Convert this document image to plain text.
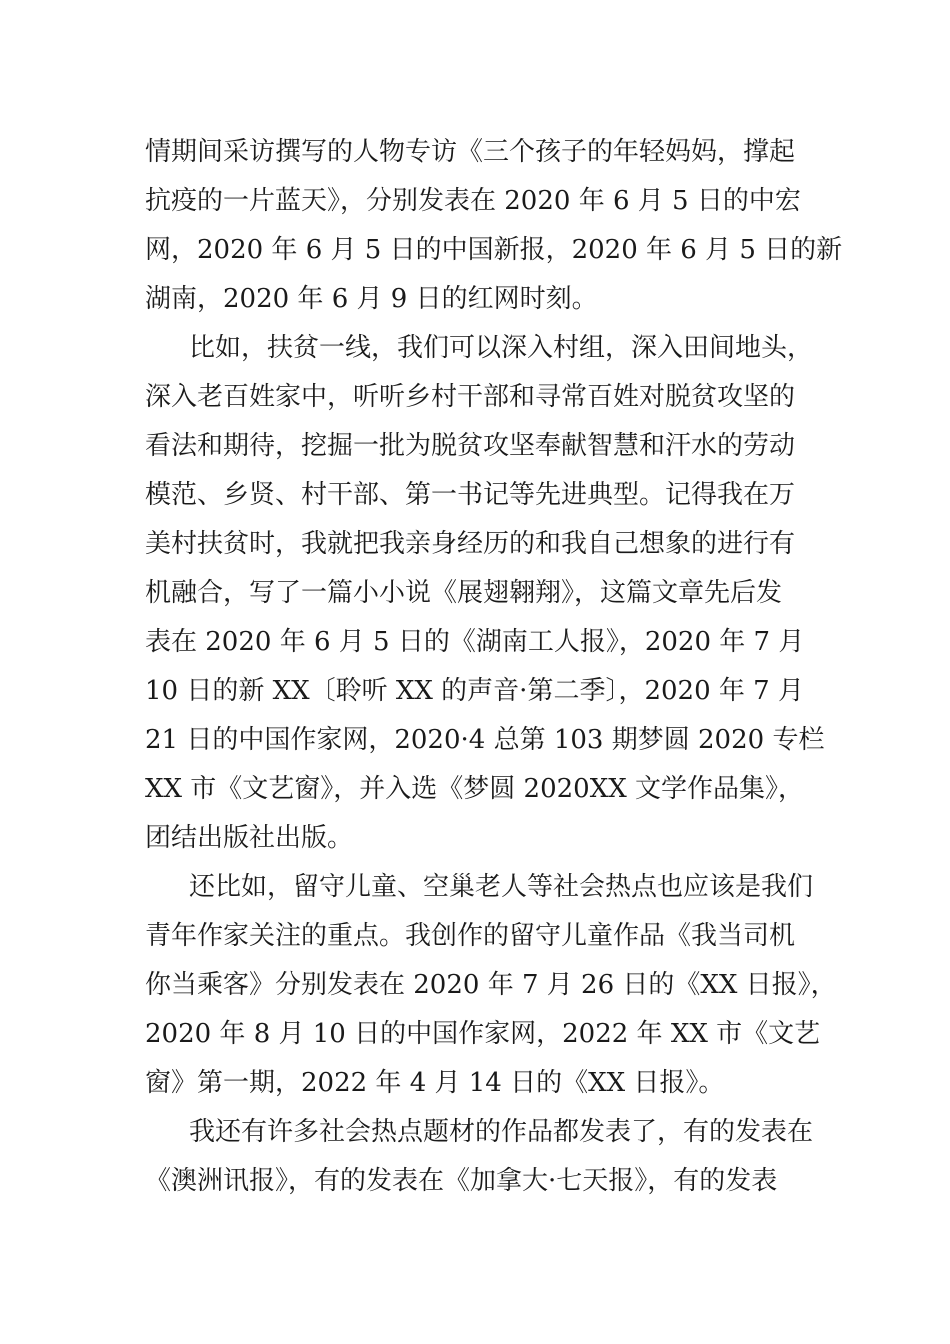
情期间采访撰写的人物专访《三个孩子的年轻妈妈，撑起
抗疫的一片蓝天》，分别发表在 2020 年 6 月 5 日的中宏
网，2020 年 6 月 5 日的中国新报，2020 年 6 月 5 日的新
湖南，2020 年 6 月 9 日的红网时刻。
比如，扶贫一线，我们可以深入村组，深入田间地头，
深入老百姓家中，听听乡村干部和寻常百姓对脱贫攻坚的
看法和期待，挖掘一批为脱贫攻坚奉献智慧和汗水的劳动
模范、乡贤、村干部、第一书记等先进典型。记得我在万
美村扶贫时，我就把我亲身经历的和我自己想象的进行有
机融合，写了一篇小小说《展翅翱翔》，这篇文章先后发
表在 2020 年 6 月 5 日的《湖南工人报》，2020 年 7 月
10 日的新 XX〔聆听 XX 的声音·第二季〕，2020 年 7 月
21 日的中国作家网，2020·4 总第 103 期梦圆 2020 专栏
XX 市《文艺窗》，并入选《梦圆 2020XX 文学作品集》，
团结出版社出版。
还比如，留守儿童、空巢老人等社会热点也应该是我们
青年作家关注的重点。我创作的留守儿童作品《我当司机
你当乘客》分别发表在 2020 年 7 月 26 日的《XX 日报》，
2020 年 8 月 10 日的中国作家网，2022 年 XX 市《文艺
窗》第一期，2022 年 4 月 14 日的《XX 日报》。
我还有许多社会热点题材的作品都发表了，有的发表在
《澳洲讯报》，有的发表在《加拿大·七天报》，有的发表
